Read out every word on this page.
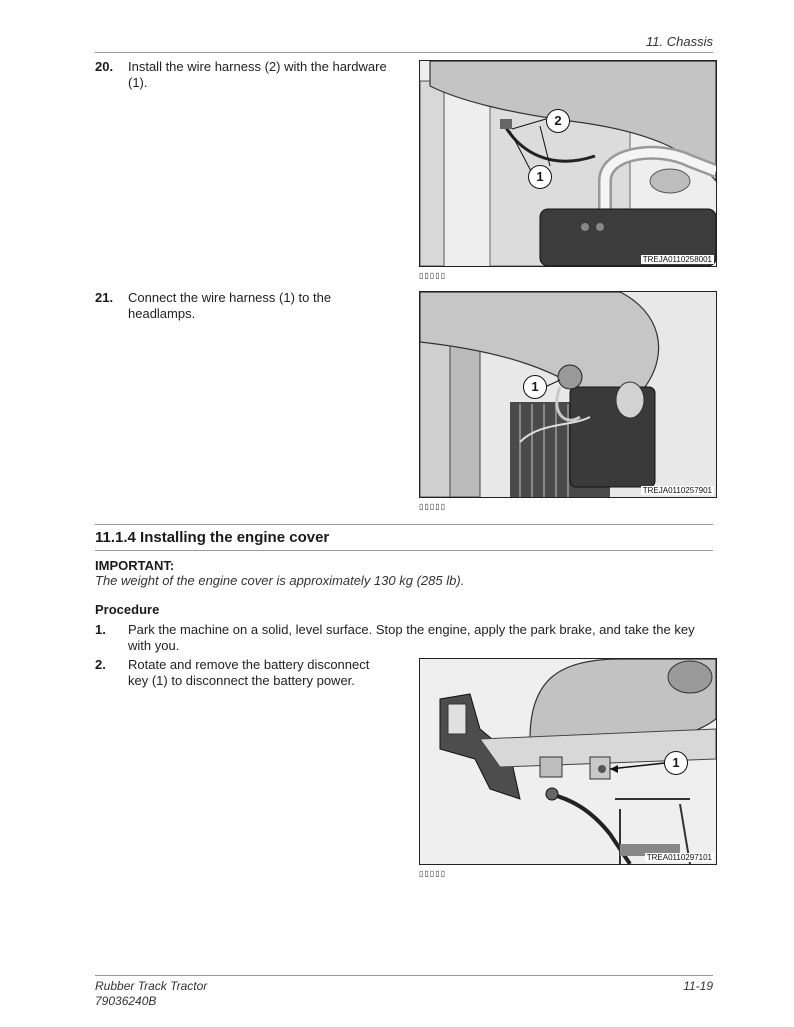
11. Chassis
20. Install the wire harness (2) with the hardware (1).
2
1
TREJA0110258001
▯▯▯▯▯
21. Connect the wire harness (1) to the headlamps.
1
TREJA0110257901
▯▯▯▯▯
11.1.4 Installing the engine cover
IMPORTANT:
The weight of the engine cover is approximately 130 kg (285 lb).
Procedure
1. Park the machine on a solid, level surface. Stop the engine, apply the park brake, and take the key with you.
2. Rotate and remove the battery disconnect key (1) to disconnect the battery power.
1
TREA0110297101
▯▯▯▯▯
Rubber Track Tractor
79036240B
11-19
